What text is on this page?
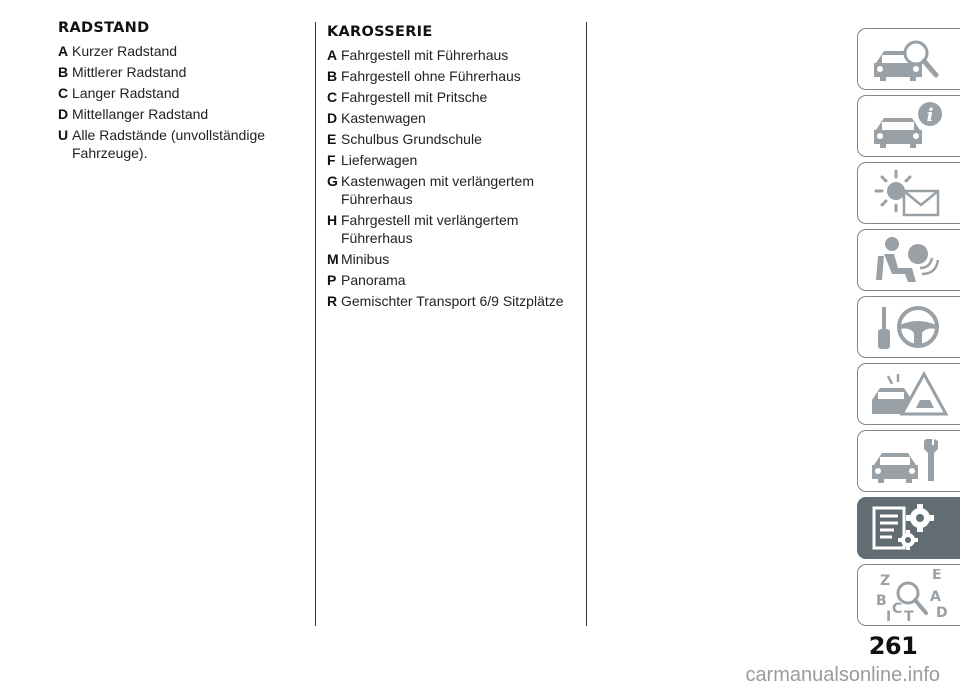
RADSTAND
A Kurzer Radstand
B Mittlerer Radstand
C Langer Radstand
D Mittellanger Radstand
U Alle Radstände (unvollständige Fahrzeuge).
KAROSSERIE
A Fahrgestell mit Führerhaus
B Fahrgestell ohne Führerhaus
C Fahrgestell mit Pritsche
D Kastenwagen
E Schulbus Grundschule
F Lieferwagen
G Kastenwagen mit verlängertem Führerhaus
H Fahrgestell mit verlängertem Führerhaus
M Minibus
P Panorama
R Gemischter Transport 6/9 Sitzplätze
i
Z	E
B	A
C D
T
I
261
carmanualsonline.info
